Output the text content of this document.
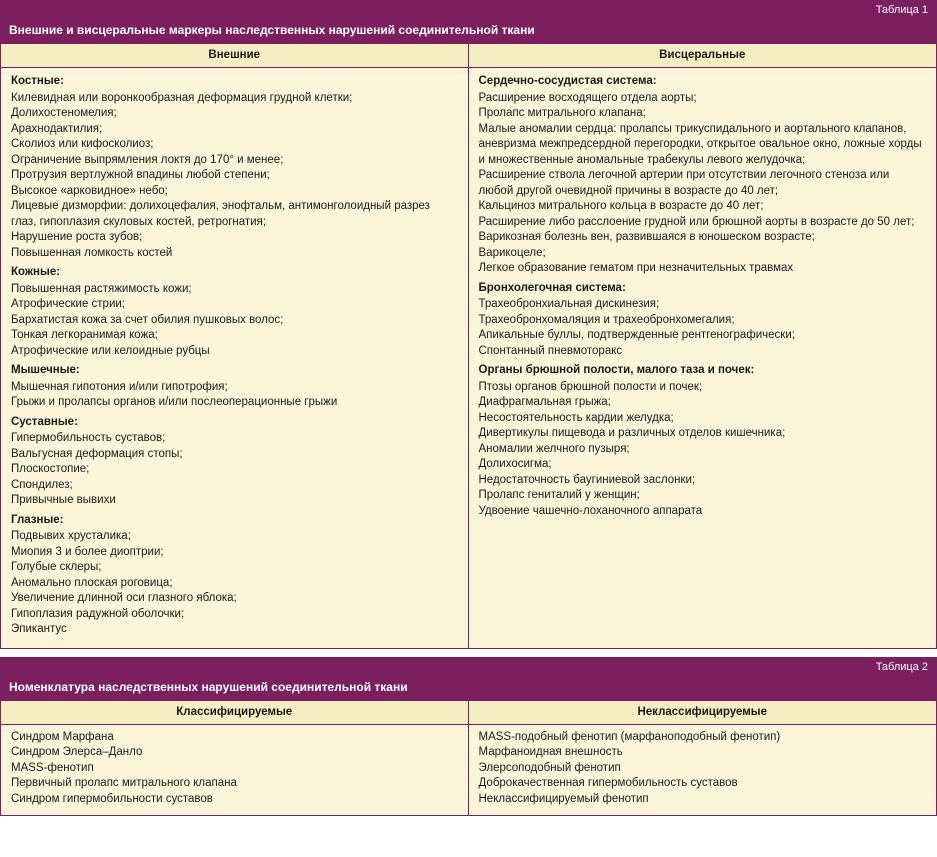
Таблица 1
Внешние и висцеральные маркеры наследственных нарушений соединительной ткани
Внешние	Висцеральные
Костные:
Килевидная или воронкообразная деформация грудной клетки;
Долихостеномелия;
Арахнодактилия;
Сколиоз или кифосколиоз;
Ограничение выпрямления локтя до 170° и менее;
Протрузия вертлужной впадины любой степени;
Высокое «арковидное» небо;
Лицевые дизморфии: долихоцефалия, энофтальм, антимонголоидный разрез глаз, гипоплазия скуловых костей, ретрогнатия;
Нарушение роста зубов;
Повышенная ломкость костей
Кожные:
Повышенная растяжимость кожи;
Атрофические стрии;
Бархатистая кожа за счет обилия пушковых волос;
Тонкая легкоранимая кожа;
Атрофические или келоидные рубцы
Мышечные:
Мышечная гипотония и/или гипотрофия;
Грыжи и пролапсы органов и/или послеоперационные грыжи
Суставные:
Гипермобильность суставов;
Вальгусная деформация стопы;
Плоскостопие;
Спондилез;
Привычные вывихи
Глазные:
Подвывих хрусталика;
Миопия 3 и более диоптрии;
Голубые склеры;
Аномально плоская роговица;
Увеличение длинной оси глазного яблока;
Гипоплазия радужной оболочки;
Эпикантус
Сердечно-сосудистая система:
Расширение восходящего отдела аорты;
Пролапс митрального клапана;
Малые аномалии сердца: пролапсы трикуспидального и аортального клапанов, аневризма межпредсердной перегородки, открытое овальное окно, ложные хорды и множественные аномальные трабекулы левого желудочка;
Расширение ствола легочной артерии при отсутствии легочного стеноза или любой другой очевидной причины в возрасте до 40 лет;
Кальциноз митрального кольца в возрасте до 40 лет;
Расширение либо расслоение грудной или брюшной аорты в возрасте до 50 лет;
Варикозная болезнь вен, развившаяся в юношеском возрасте;
Варикоцеле;
Легкое образование гематом при незначительных травмах
Бронхолегочная система:
Трахеобронхиальная дискинезия;
Трахеобронхомаляция и трахеобронхомегалия;
Апикальные буллы, подтвержденные рентгенографически;
Спонтанный пневмоторакс
Органы брюшной полости, малого таза и почек:
Птозы органов брюшной полости и почек;
Диафрагмальная грыжа;
Несостоятельность кардии желудка;
Дивертикулы пищевода и различных отделов кишечника;
Аномалии желчного пузыря;
Долихосигма;
Недостаточность баугиниевой заслонки;
Пролапс гениталий у женщин;
Удвоение чашечно-лоханочного аппарата
Таблица 2
Номенклатура наследственных нарушений соединительной ткани
Классифицируемые	Неклассифицируемые
Синдром Марфана
Синдром Элерса–Данло
MASS-фенотип
Первичный пролапс митрального клапана
Синдром гипермобильности суставов
MASS-подобный фенотип (марфаноподобный фенотип)
Марфаноидная внешность
Элерсоподобный фенотип
Доброкачественная гипермобильность суставов
Неклассифицируемый фенотип
